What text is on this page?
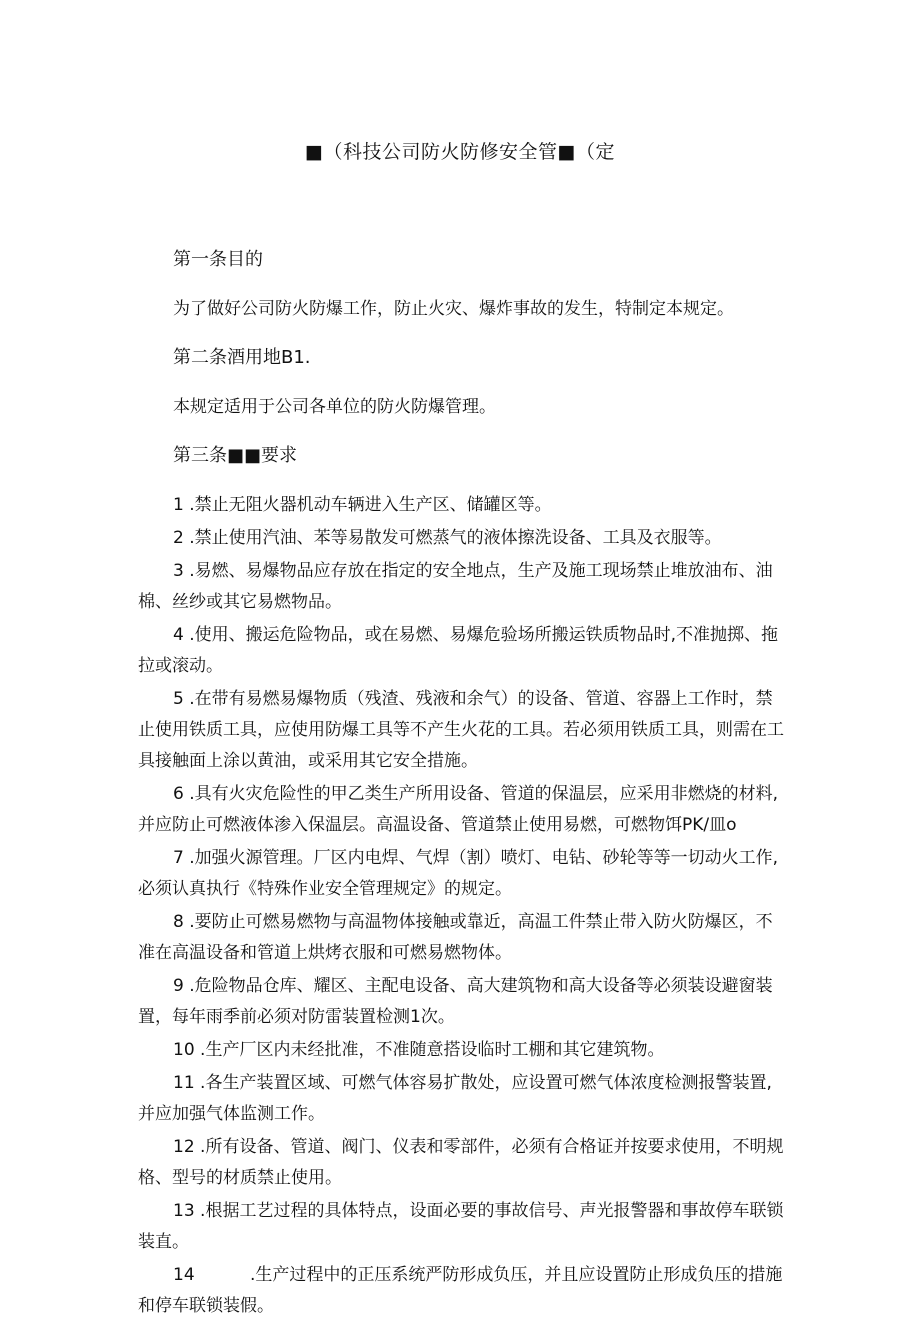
■（科技公司防火防修安全管■（定

第一条目的

为了做好公司防火防爆工作，防止火灾、爆炸事故的发生，特制定本规定。

第二条酒用地B1.

本规定适用于公司各单位的防火防爆管理。

第三条■■要求

1 .禁止无阻火器机动车辆进入生产区、储罐区等。
2 .禁止使用汽油、苯等易散发可燃蒸气的液体擦洗设备、工具及衣服等。
3 .易燃、易爆物品应存放在指定的安全地点，生产及施工现场禁止堆放油布、油
棉、丝纱或其它易燃物品。
4 .使用、搬运危险物品，或在易燃、易爆危验场所搬运铁质物品时,不准抛掷、拖
拉或滚动。
5 .在带有易燃易爆物质（残渣、残液和余气）的设备、管道、容器上工作时，禁
止使用铁质工具，应使用防爆工具等不产生火花的工具。若必须用铁质工具，则需在工
具接触面上涂以黄油，或采用其它安全措施。
6 .具有火灾危险性的甲乙类生产所用设备、管道的保温层，应采用非燃烧的材料,
并应防止可燃液体渗入保温层。高温设备、管道禁止使用易燃，可燃物饵PK/皿o
7 .加强火源管理。厂区内电焊、气焊（割）喷灯、电钻、砂轮等等一切动火工作,
必须认真执行《特殊作业安全管理规定》的规定。
8 .要防止可燃易燃物与高温物体接触或靠近，高温工件禁止带入防火防爆区，不
准在高温设备和管道上烘烤衣服和可燃易燃物体。
9 .危险物品仓库、耀区、主配电设备、高大建筑物和高大设备等必须装设避窗装
置，每年雨季前必须对防雷装置检测1次。
10 .生产厂区内未经批准，不准随意搭设临时工棚和其它建筑物。
11 .各生产装置区域、可燃气体容易扩散处，应设置可燃气体浓度检测报警装置,
并应加强气体监测工作。
12 .所有设备、管道、阀门、仪表和零部件，必须有合格证并按要求使用，不明规
格、型号的材质禁止使用。
13 .根据工艺过程的具体特点，设面必要的事故信号、声光报警器和事故停车联锁
装直。
14	.生产过程中的正压系统严防形成负压，并且应设置防止形成负压的措施
和停车联锁装假。
